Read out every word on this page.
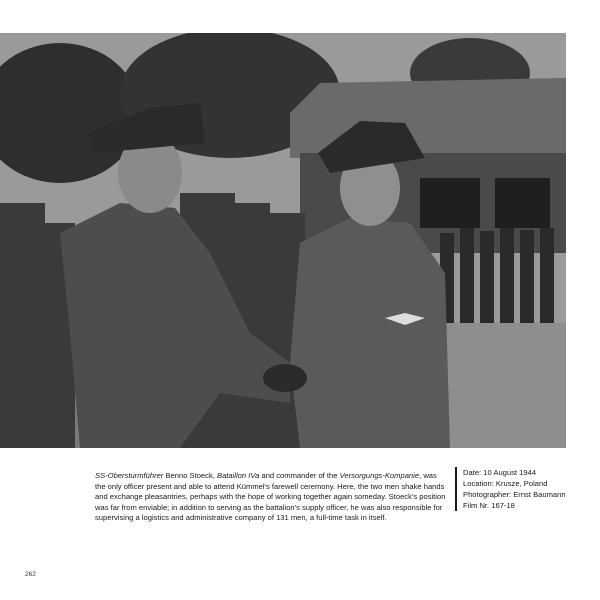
SS-Obersturmführer Benno Stoeck, Bataillon IVa and commander of the Versorgungs-Kompanie, was the only officer present and able to attend Kümmel's farewell ceremony. Here, the two men shake hands and exchange pleasantries, perhaps with the hope of working together again someday. Stoeck's position was far from enviable; in addition to serving as the battalion's supply officer, he was also responsible for supervising a logistics and administrative company of 131 men, a full-time task in itself.
Date: 10 August 1944
Location: Krusze, Poland
Photographer: Ernst Baumann
Film Nr. 167-18
262
